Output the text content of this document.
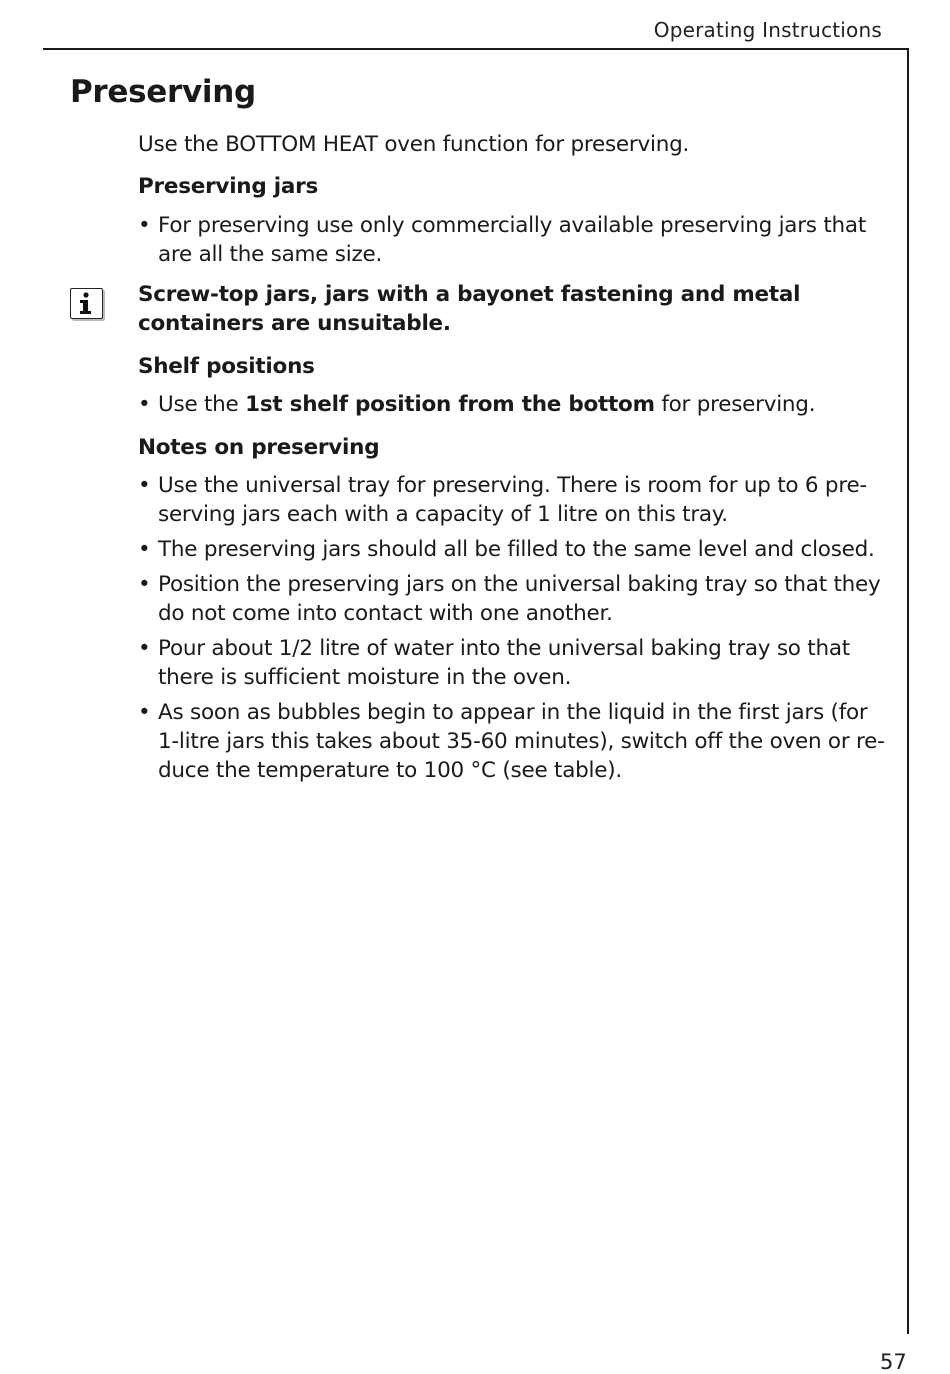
Operating Instructions
Preserving

Use the BOTTOM HEAT oven function for preserving.

Preserving jars

• For preserving use only commercially available preserving jars that are all the same size.

Screw-top jars, jars with a bayonet fastening and metal containers are unsuitable.

Shelf positions

• Use the 1st shelf position from the bottom for preserving.

Notes on preserving

• Use the universal tray for preserving. There is room for up to 6 pre-
serving jars each with a capacity of 1 litre on this tray.
• The preserving jars should all be filled to the same level and closed.
• Position the preserving jars on the universal baking tray so that they
do not come into contact with one another.
• Pour about 1/2 litre of water into the universal baking tray so that
there is sufficient moisture in the oven.
• As soon as bubbles begin to appear in the liquid in the first jars (for
1-litre jars this takes about 35-60 minutes), switch off the oven or re-
duce the temperature to 100 °C (see table).
57
